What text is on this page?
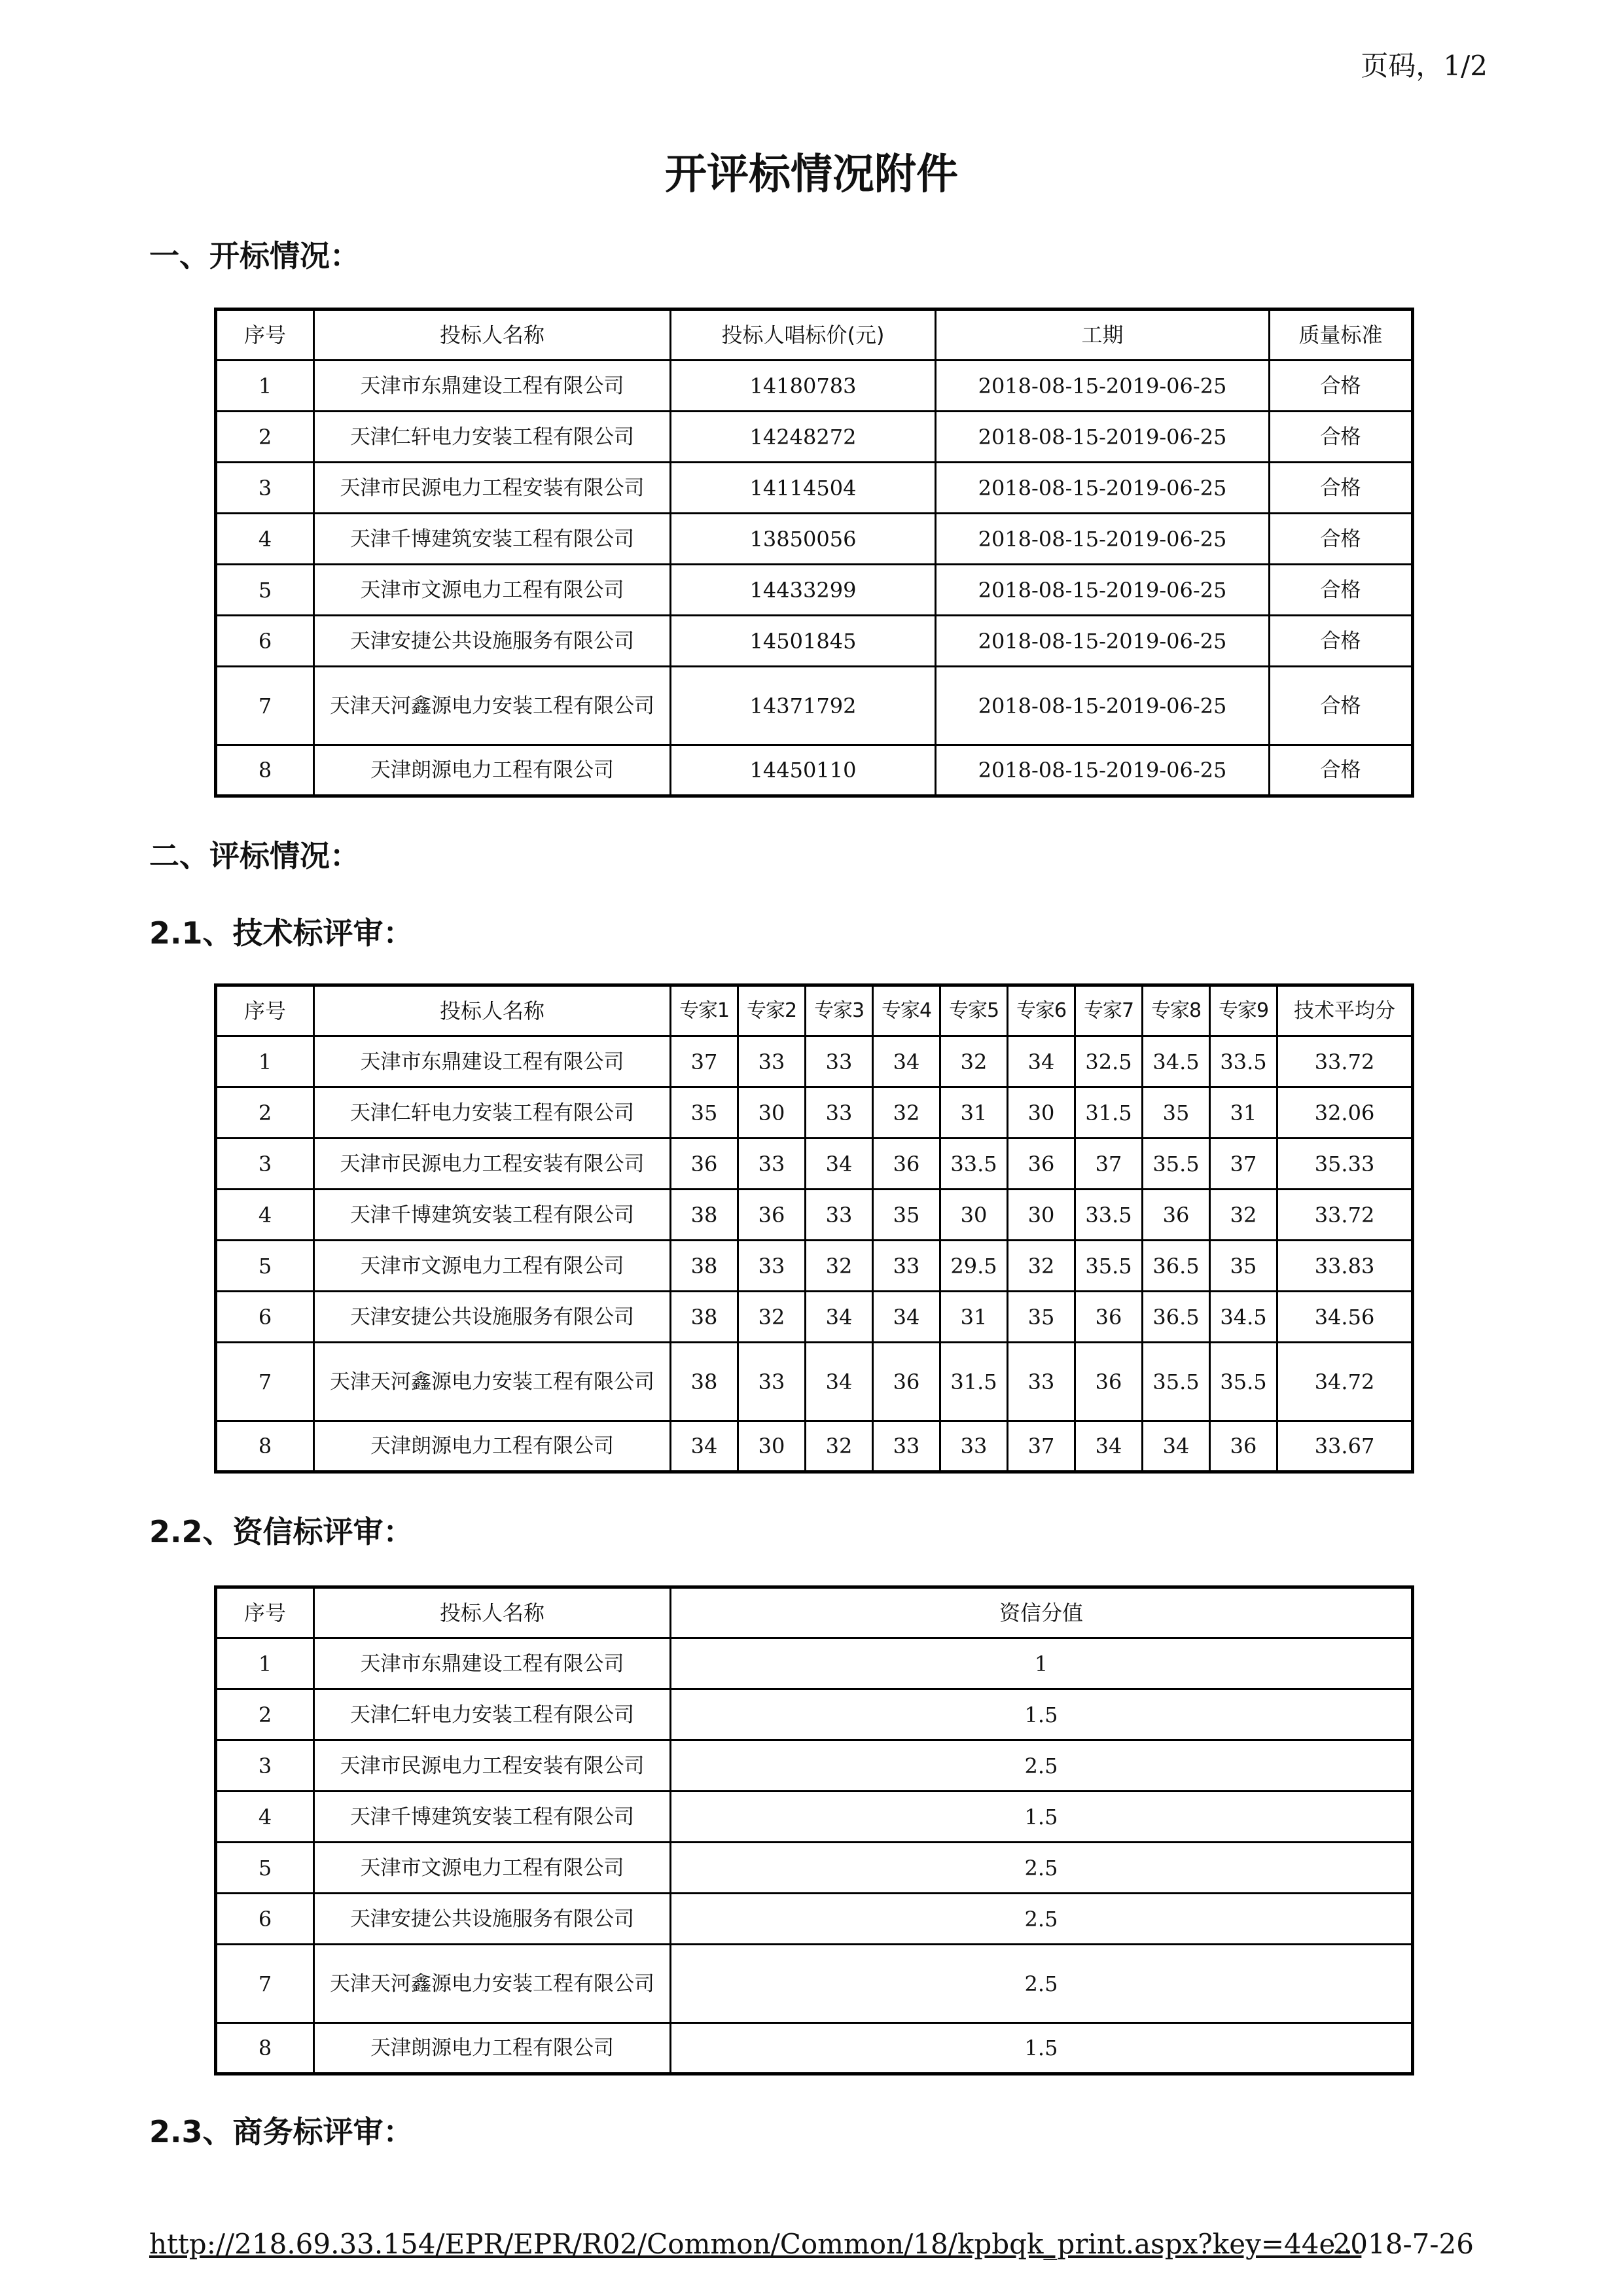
页码，1/2
开评标情况附件
一、开标情况：
序号	投标人名称	投标人唱标价(元)	工期	质量标准
1	天津市东鼎建设工程有限公司	14180783	2018-08-15-2019-06-25	合格
2	天津仁轩电力安装工程有限公司	14248272	2018-08-15-2019-06-25	合格
3	天津市民源电力工程安装有限公司	14114504	2018-08-15-2019-06-25	合格
4	天津千博建筑安装工程有限公司	13850056	2018-08-15-2019-06-25	合格
5	天津市文源电力工程有限公司	14433299	2018-08-15-2019-06-25	合格
6	天津安捷公共设施服务有限公司	14501845	2018-08-15-2019-06-25	合格
7	天津天河鑫源电力安装工程有限公司	14371792	2018-08-15-2019-06-25	合格
8	天津朗源电力工程有限公司	14450110	2018-08-15-2019-06-25	合格
二、评标情况：
2.1、技术标评审：
序号	投标人名称	专家1	专家2	专家3	专家4	专家5	专家6	专家7	专家8	专家9	技术平均分
1	天津市东鼎建设工程有限公司	37	33	33	34	32	34	32.5	34.5	33.5	33.72
2	天津仁轩电力安装工程有限公司	35	30	33	32	31	30	31.5	35	31	32.06
3	天津市民源电力工程安装有限公司	36	33	34	36	33.5	36	37	35.5	37	35.33
4	天津千博建筑安装工程有限公司	38	36	33	35	30	30	33.5	36	32	33.72
5	天津市文源电力工程有限公司	38	33	32	33	29.5	32	35.5	36.5	35	33.83
6	天津安捷公共设施服务有限公司	38	32	34	34	31	35	36	36.5	34.5	34.56
7	天津天河鑫源电力安装工程有限公司	38	33	34	36	31.5	33	36	35.5	35.5	34.72
8	天津朗源电力工程有限公司	34	30	32	33	33	37	34	34	36	33.67
2.2、资信标评审：
序号	投标人名称	资信分值
1	天津市东鼎建设工程有限公司	1
2	天津仁轩电力安装工程有限公司	1.5
3	天津市民源电力工程安装有限公司	2.5
4	天津千博建筑安装工程有限公司	1.5
5	天津市文源电力工程有限公司	2.5
6	天津安捷公共设施服务有限公司	2.5
7	天津天河鑫源电力安装工程有限公司	2.5
8	天津朗源电力工程有限公司	1.5
2.3、商务标评审：
http://218.69.33.154/EPR/EPR/R02/Common/Common/18/kpbqk_print.aspx?key=44e...
2018-7-26
